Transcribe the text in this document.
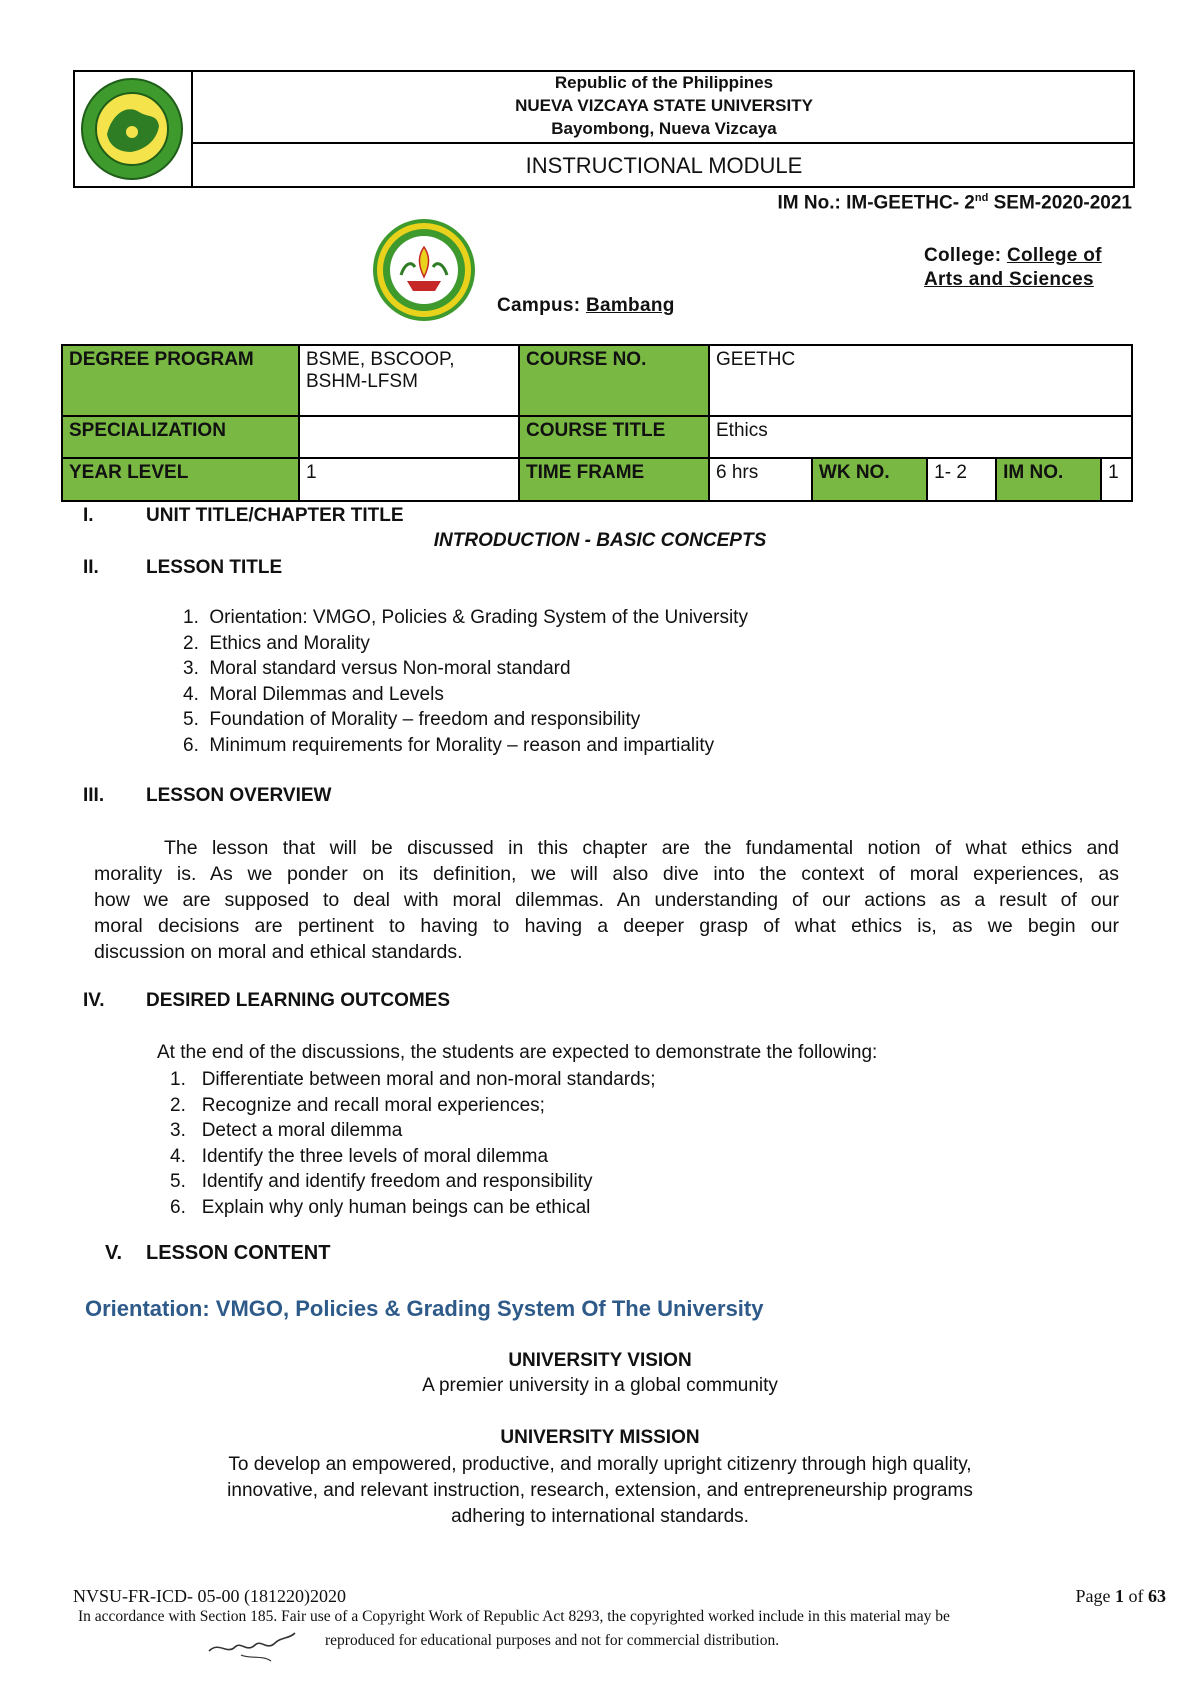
Republic of the Philippines
NUEVA VIZCAYA STATE UNIVERSITY
Bayombong, Nueva Vizcaya
INSTRUCTIONAL MODULE
IM No.: IM-GEETHC- 2nd SEM-2020-2021
Campus: Bambang
College: College of
Arts and Sciences
DEGREE PROGRAM	BSME, BSCOOP, BSHM-LFSM	COURSE NO.	GEETHC				
SPECIALIZATION		COURSE TITLE	Ethics				
YEAR LEVEL	1	TIME FRAME	6 hrs	WK NO.	1- 2	IM NO.	1
I.	UNIT TITLE/CHAPTER TITLE
INTRODUCTION - BASIC CONCEPTS
II. LESSON TITLE
1.  Orientation: VMGO, Policies & Grading System of the University
2.  Ethics and Morality
3.  Moral standard versus Non-moral standard
4.  Moral Dilemmas and Levels
5.  Foundation of Morality – freedom and responsibility
6.  Minimum requirements for Morality – reason and impartiality
III. LESSON OVERVIEW
The lesson that will be discussed in this chapter are the fundamental notion of what ethics and
morality is. As we ponder on its definition, we will also dive into the context of moral experiences, as
how we are supposed to deal with moral dilemmas. An understanding of our actions as a result of our
moral decisions are pertinent to having to having a deeper grasp of what ethics is, as we begin our
discussion on moral and ethical standards.
IV. DESIRED LEARNING OUTCOMES
At the end of the discussions, the students are expected to demonstrate the following:
1.   Differentiate between moral and non-moral standards;
2.   Recognize and recall moral experiences;
3.   Detect a moral dilemma
4.   Identify the three levels of moral dilemma
5.   Identify and identify freedom and responsibility
6.   Explain why only human beings can be ethical
V. LESSON CONTENT
Orientation: VMGO, Policies & Grading System Of The University
UNIVERSITY VISION
A premier university in a global community
UNIVERSITY MISSION
To develop an empowered, productive, and morally upright citizenry through high quality,
innovative, and relevant instruction, research, extension, and entrepreneurship programs
adhering to international standards.
NVSU-FR-ICD- 05-00 (181220)2020	Page 1 of 63
In accordance with Section 185. Fair use of a Copyright Work of Republic Act 8293, the copyrighted worked include in this material may be
reproduced for educational purposes and not for commercial distribution.
